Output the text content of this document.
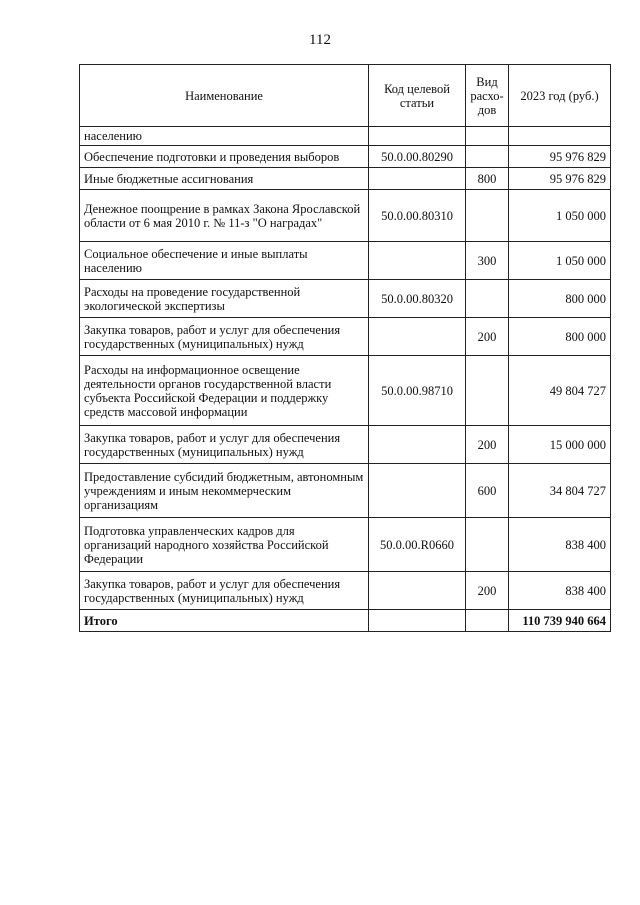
112
Наименование	Код целевой статьи	Вид расхо-дов	2023 год (руб.)
населению			
Обеспечение подготовки и проведения выборов	50.0.00.80290		95 976 829
Иные бюджетные ассигнования		800	95 976 829
Денежное поощрение в рамках Закона Ярославской области от 6 мая 2010 г. № 11-з "О наградах"	50.0.00.80310		1 050 000
Социальное обеспечение и иные выплаты населению		300	1 050 000
Расходы на проведение государственной экологической экспертизы	50.0.00.80320		800 000
Закупка товаров, работ и услуг для обеспечения государственных (муниципальных) нужд		200	800 000
Расходы на информационное освещение деятельности органов государственной власти субъекта Российской Федерации и поддержку средств массовой информации	50.0.00.98710		49 804 727
Закупка товаров, работ и услуг для обеспечения государственных (муниципальных) нужд		200	15 000 000
Предоставление субсидий бюджетным, автономным учреждениям и иным некоммерческим организациям		600	34 804 727
Подготовка управленческих кадров для организаций народного хозяйства Российской Федерации	50.0.00.R0660		838 400
Закупка товаров, работ и услуг для обеспечения государственных (муниципальных) нужд		200	838 400
Итого			110 739 940 664
